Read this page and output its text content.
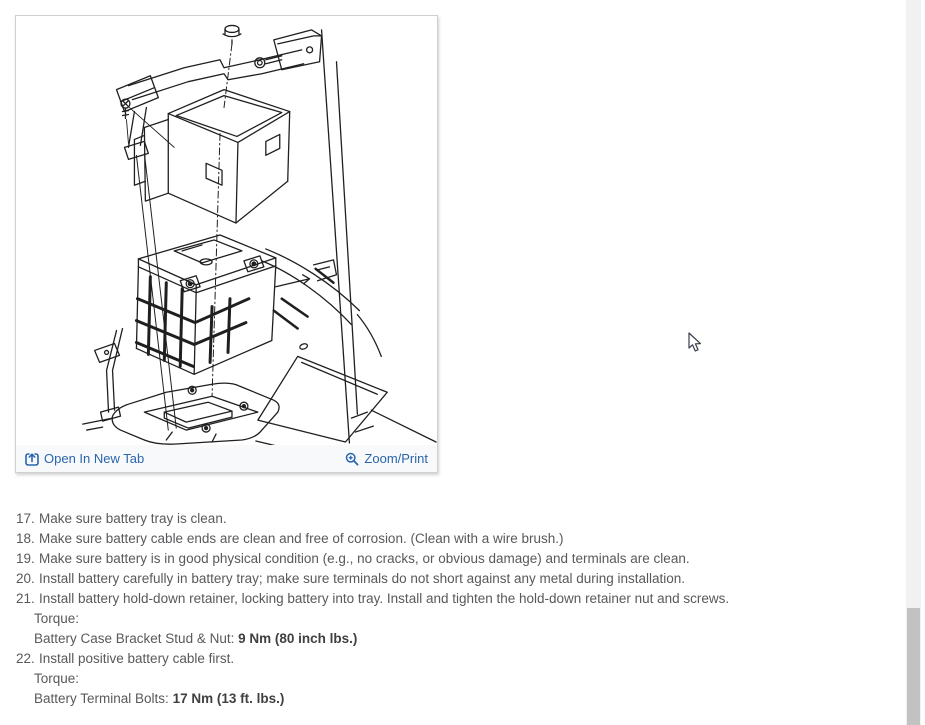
Open In New Tab	Zoom/Print
17. Make sure battery tray is clean.
18. Make sure battery cable ends are clean and free of corrosion. (Clean with a wire brush.)
19. Make sure battery is in good physical condition (e.g., no cracks, or obvious damage) and terminals are clean.
20. Install battery carefully in battery tray; make sure terminals do not short against any metal during installation.
21. Install battery hold-down retainer, locking battery into tray. Install and tighten the hold-down retainer nut and screws.
Torque:
Battery Case Bracket Stud & Nut: 9 Nm (80 inch lbs.)
22. Install positive battery cable first.
Torque:
Battery Terminal Bolts: 17 Nm (13 ft. lbs.)
